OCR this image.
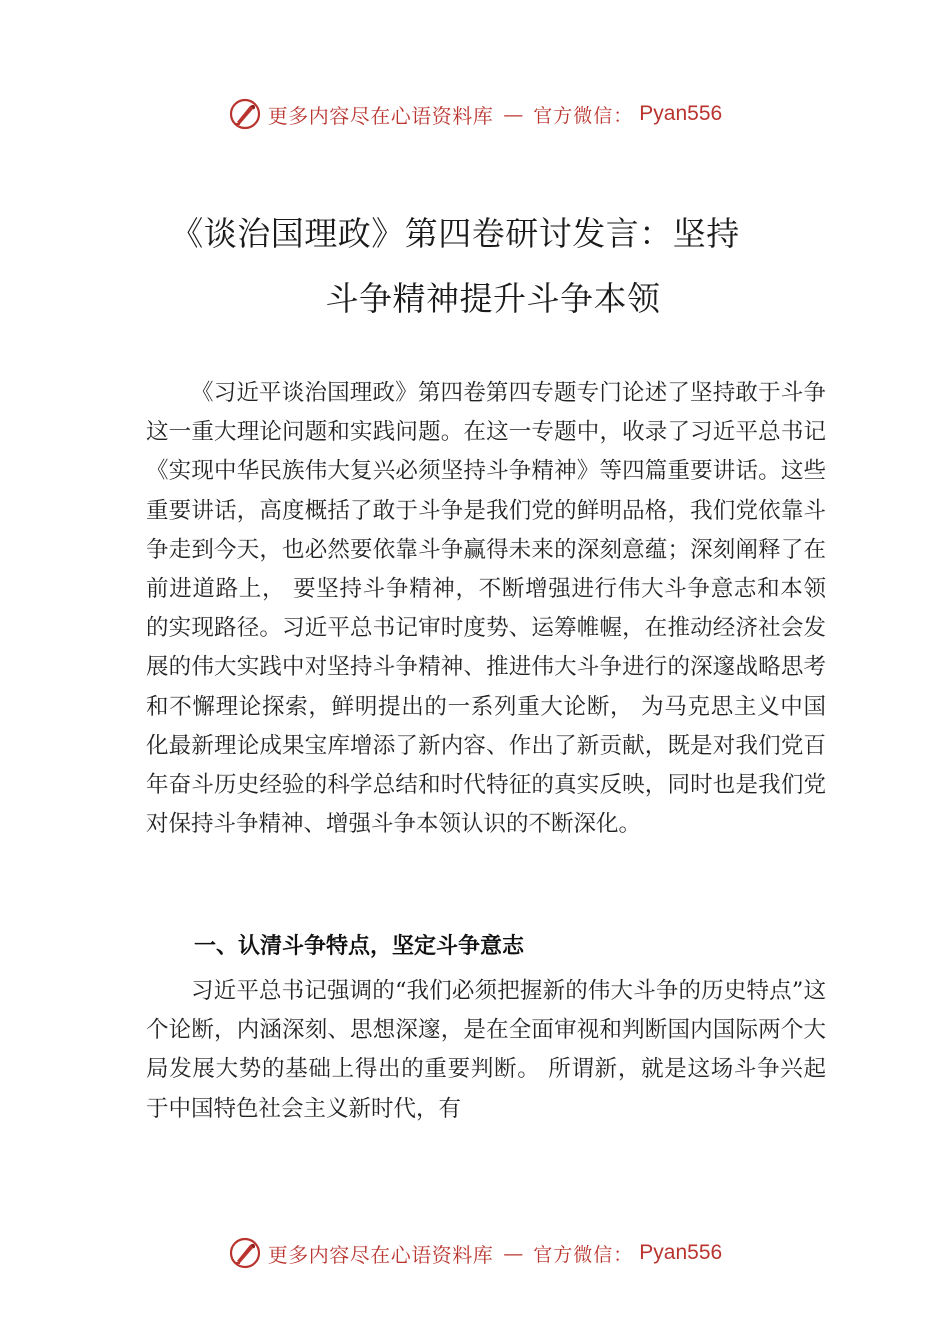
更多内容尽在心语资料库 — 官方微信： Pyan556
《谈治国理政》第四卷研讨发言：坚持
斗争精神提升斗争本领

《习近平谈治国理政》第四卷第四专题专门论述了坚持敢于斗争这一重大理论问题和实践问题。在这一专题中，收录了习近平总书记《实现中华民族伟大复兴必须坚持斗争精神》等四篇重要讲话。这些重要讲话，高度概括了敢于斗争是我们党的鲜明品格，我们党依靠斗争走到今天，也必然要依靠斗争赢得未来的深刻意蕴；深刻阐释了在前进道路上， 要坚持斗争精神，不断增强进行伟大斗争意志和本领的实现路径。习近平总书记审时度势、运筹帷幄，在推动经济社会发展的伟大实践中对坚持斗争精神、推进伟大斗争进行的深邃战略思考和不懈理论探索，鲜明提出的一系列重大论断， 为马克思主义中国化最新理论成果宝库增添了新内容、作出了新贡献，既是对我们党百年奋斗历史经验的科学总结和时代特征的真实反映，同时也是我们党对保持斗争精神、增强斗争本领认识的不断深化。

一、认清斗争特点，坚定斗争意志

习近平总书记强调的“我们必须把握新的伟大斗争的历史特点”这个论断，内涵深刻、思想深邃，是在全面审视和判断国内国际两个大局发展大势的基础上得出的重要判断。 所谓新，就是这场斗争兴起于中国特色社会主义新时代，有

更多内容尽在心语资料库 — 官方微信： Pyan556
